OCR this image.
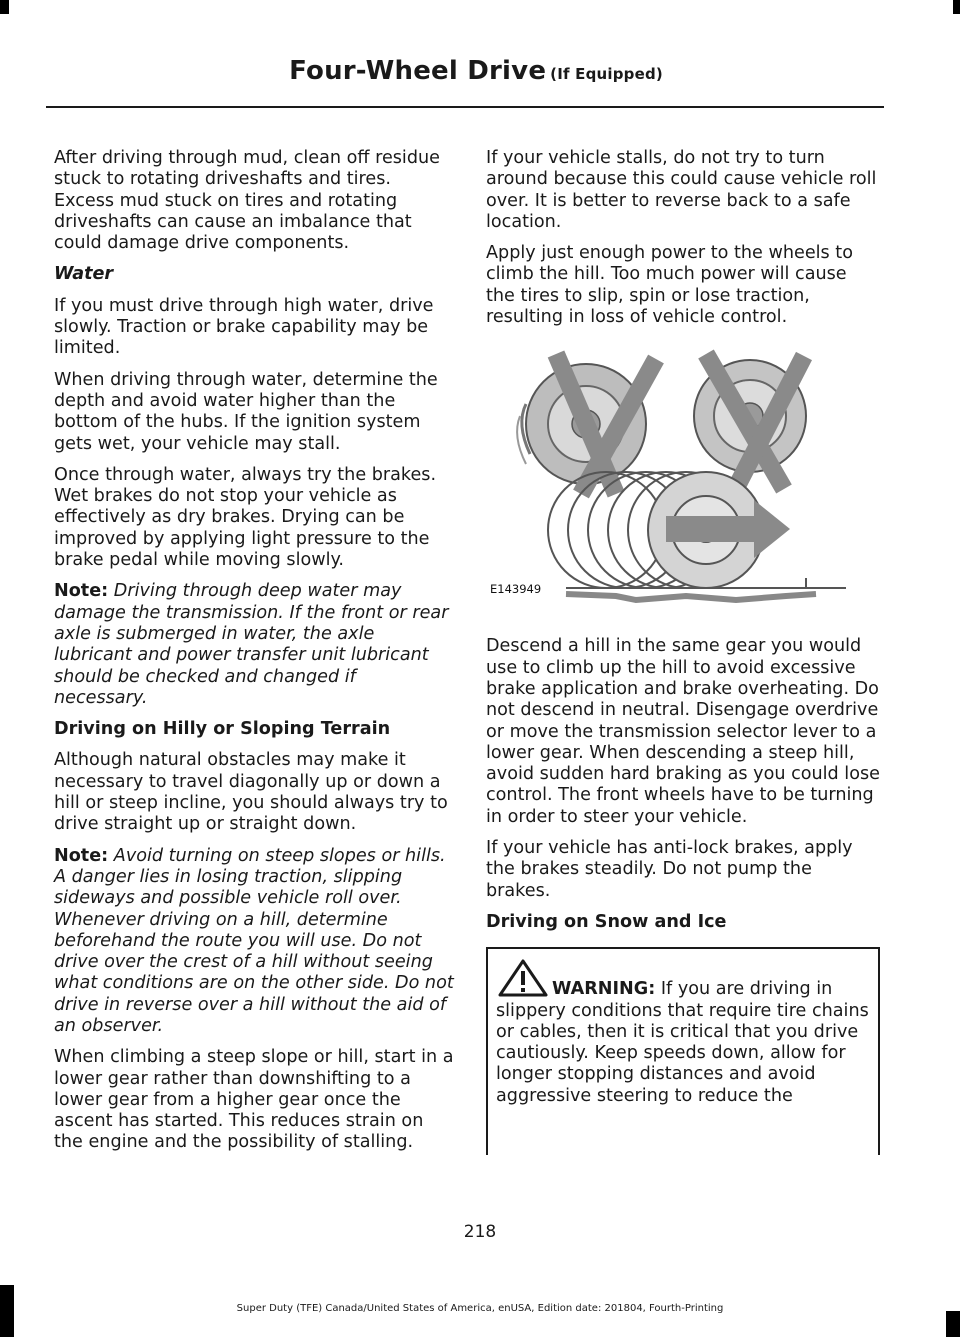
Four-Wheel Drive (If Equipped)

After driving through mud, clean off residue stuck to rotating driveshafts and tires. Excess mud stuck on tires and rotating driveshafts can cause an imbalance that could damage drive components.

Water

If you must drive through high water, drive slowly. Traction or brake capability may be limited.

When driving through water, determine the depth and avoid water higher than the bottom of the hubs. If the ignition system gets wet, your vehicle may stall.

Once through water, always try the brakes. Wet brakes do not stop your vehicle as effectively as dry brakes. Drying can be improved by applying light pressure to the brake pedal while moving slowly.

Note: Driving through deep water may damage the transmission. If the front or rear axle is submerged in water, the axle lubricant and power transfer unit lubricant should be checked and changed if necessary.

Driving on Hilly or Sloping Terrain

Although natural obstacles may make it necessary to travel diagonally up or down a hill or steep incline, you should always try to drive straight up or straight down.

Note: Avoid turning on steep slopes or hills. A danger lies in losing traction, slipping sideways and possible vehicle roll over. Whenever driving on a hill, determine beforehand the route you will use. Do not drive over the crest of a hill without seeing what conditions are on the other side. Do not drive in reverse over a hill without the aid of an observer.

When climbing a steep slope or hill, start in a lower gear rather than downshifting to a lower gear from a higher gear once the ascent has started. This reduces strain on the engine and the possibility of stalling.

If your vehicle stalls, do not try to turn around because this could cause vehicle roll over. It is better to reverse back to a safe location.

Apply just enough power to the wheels to climb the hill. Too much power will cause the tires to slip, spin or lose traction, resulting in loss of vehicle control.

E143949

Descend a hill in the same gear you would use to climb up the hill to avoid excessive brake application and brake overheating. Do not descend in neutral. Disengage overdrive or move the transmission selector lever to a lower gear. When descending a steep hill, avoid sudden hard braking as you could lose control. The front wheels have to be turning in order to steer your vehicle.

If your vehicle has anti-lock brakes, apply the brakes steadily. Do not pump the brakes.

Driving on Snow and Ice

WARNING: If you are driving in slippery conditions that require tire chains or cables, then it is critical that you drive cautiously. Keep speeds down, allow for longer stopping distances and avoid aggressive steering to reduce the
218
Super Duty (TFE) Canada/United States of America, enUSA, Edition date: 201804, Fourth-Printing
